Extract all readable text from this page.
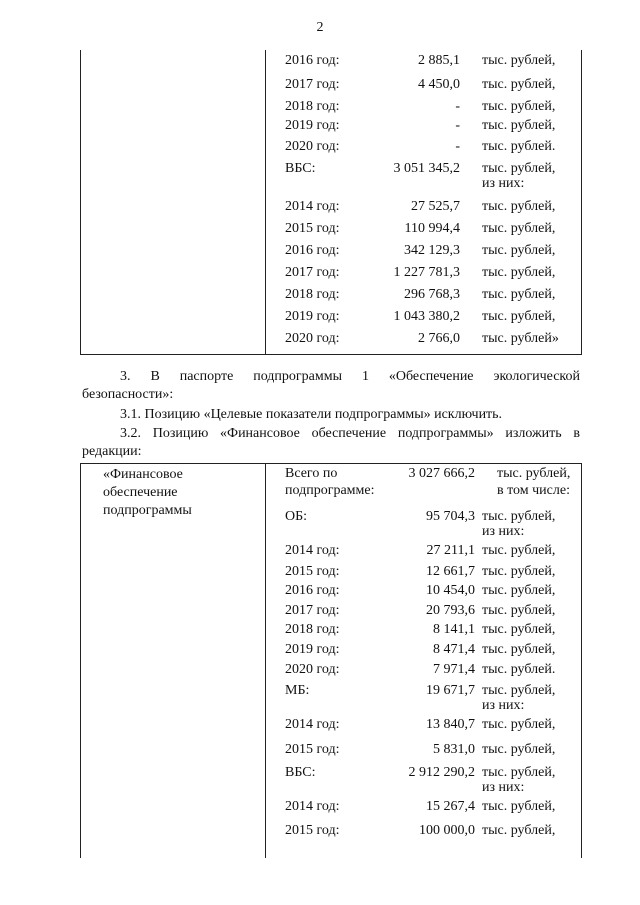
2
2016 год:	2 885,1 тыс. рублей,
2017 год:	4 450,0 тыс. рублей,
2018 год:	- тыс. рублей,
2019 год:	- тыс. рублей,
2020 год:	- тыс. рублей.
ВБС:	3 051 345,2 тыс. рублей,
из них:
2014 год:	27 525,7 тыс. рублей,
2015 год:	110 994,4 тыс. рублей,
2016 год:	342 129,3 тыс. рублей,
2017 год:	1 227 781,3 тыс. рублей,
2018 год:	296 768,3 тыс. рублей,
2019 год:	1 043 380,2 тыс. рублей,
2020 год:	2 766,0 тыс. рублей»
3. В паспорте подпрограммы 1 «Обеспечение экологической
безопасности»:
3.1. Позицию «Целевые показатели подпрограммы» исключить.
3.2. Позицию «Финансовое обеспечение подпрограммы» изложить в
редакции:
«Финансовое
обеспечение
подпрограммы
Всего по
подпрограмме:
3 027 666,2 тыс. рублей,
в том числе:
ОБ:	95 704,3 тыс. рублей,
из них:
2014 год:	27 211,1 тыс. рублей,
2015 год:	12 661,7 тыс. рублей,
2016 год:	10 454,0 тыс. рублей,
2017 год:	20 793,6 тыс. рублей,
2018 год:	8 141,1 тыс. рублей,
2019 год:	8 471,4 тыс. рублей,
2020 год:	7 971,4 тыс. рублей.
МБ:	19 671,7 тыс. рублей,
из них:
2014 год:	13 840,7 тыс. рублей,
2015 год:	5 831,0 тыс. рублей,
ВБС:	2 912 290,2 тыс. рублей,
из них:
2014 год:	15 267,4 тыс. рублей,
2015 год:	100 000,0 тыс. рублей,
